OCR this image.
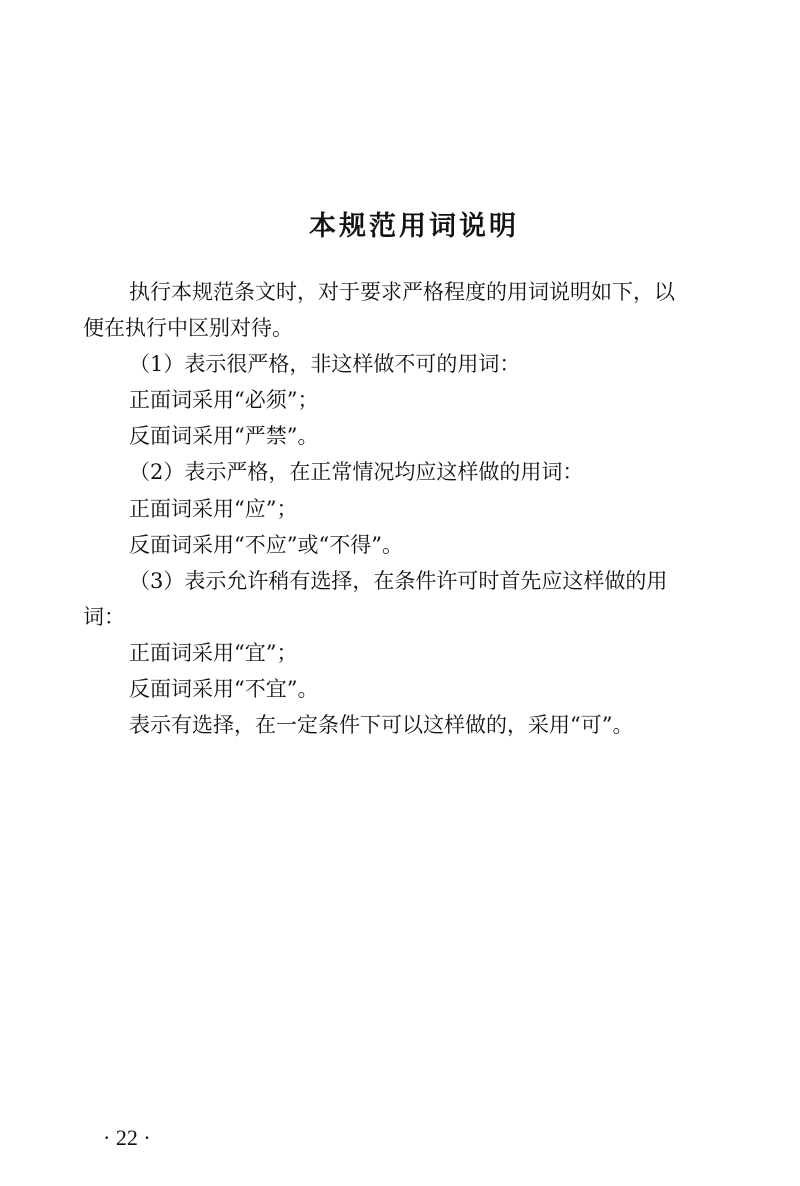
本规范用词说明

执行本规范条文时，对于要求严格程度的用词说明如下，以

便在执行中区别对待。

（1）表示很严格，非这样做不可的用词：

正面词采用“必须”；

反面词采用“严禁”。

（2）表示严格，在正常情况均应这样做的用词：

正面词采用“应”；

反面词采用“不应”或“不得”。

（3）表示允许稍有选择，在条件许可时首先应这样做的用

词：

正面词采用“宜”；

反面词采用“不宜”。

表示有选择，在一定条件下可以这样做的，采用“可”。

· 22 ·
